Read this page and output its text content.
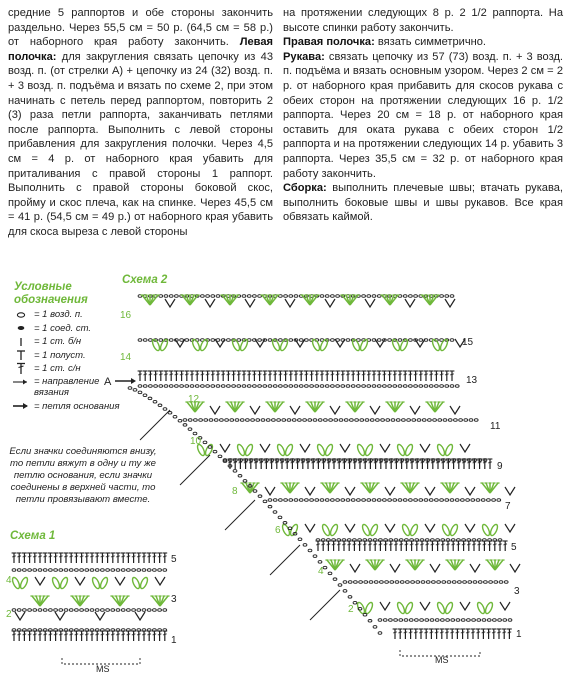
средние 5 раппортов и обе стороны закончить раздельно. Через 55,5 см = 50 р. (64,5 см = 58 р.) от наборного края работу закончить. Левая полочка: для закругления связать цепочку из 43 возд. п. (от стрелки А) + цепочку из 24 (32) возд. п. + 3 возд. п. подъёма и вязать по схеме 2, при этом начинать с петель перед раппортом, повторить 2 (3) раза петли раппорта, заканчивать петлями после раппорта. Выполнить с левой стороны прибавления для закругления полочки. Через 4,5 см = 4 р. от наборного края убавить для приталивания с правой стороны 1 раппорт. Выполнить с правой стороны боковой скос, пройму и скос плеча, как на спинке. Через 45,5 см = 41 р. (54,5 см = 49 р.) от наборного края убавить для скоса выреза с левой стороны

на протяжении следующих 8 р. 2 1/2 раппорта. На высоте спинки работу закончить.

Правая полочка: вязать симметрично.

Рукава: связать цепочку из 57 (73) возд. п. + 3 возд. п. подъёма и вязать основным узором. Через 2 см = 2 р. от наборного края прибавить для скосов рукава с обеих сторон на протяжении следующих 16 р. 1/2 раппорта. Через 20 см = 18 р. от наборного края оставить для оката рукава с обеих сторон 1/2 раппорта и на протяжении следующих 14 р. убавить 3 раппорта. Через 35,5 см = 32 р. от наборного края работу закончить.

Сборка: выполнить плечевые швы; втачать рукава, выполнить боковые швы и швы рукавов. Все края обвязать каймой.

Условные обозначения
= 1 возд. п.
= 1 соед. ст.
= 1 ст. б/н
= 1 полуст.
= 1 ст. с/н
= направление вязания
= петля основания
Если значки соединяются внизу, то петли вяжут в одну и ту же петлю основания, если значки соединены в верхней части, то петли провязывают вместе.
Схема 2
Схема 1
15
13
11
9
7
5
3
1
16
14
12
10
8
6
4
2
A
5
3
1
4
2
MS
MS
